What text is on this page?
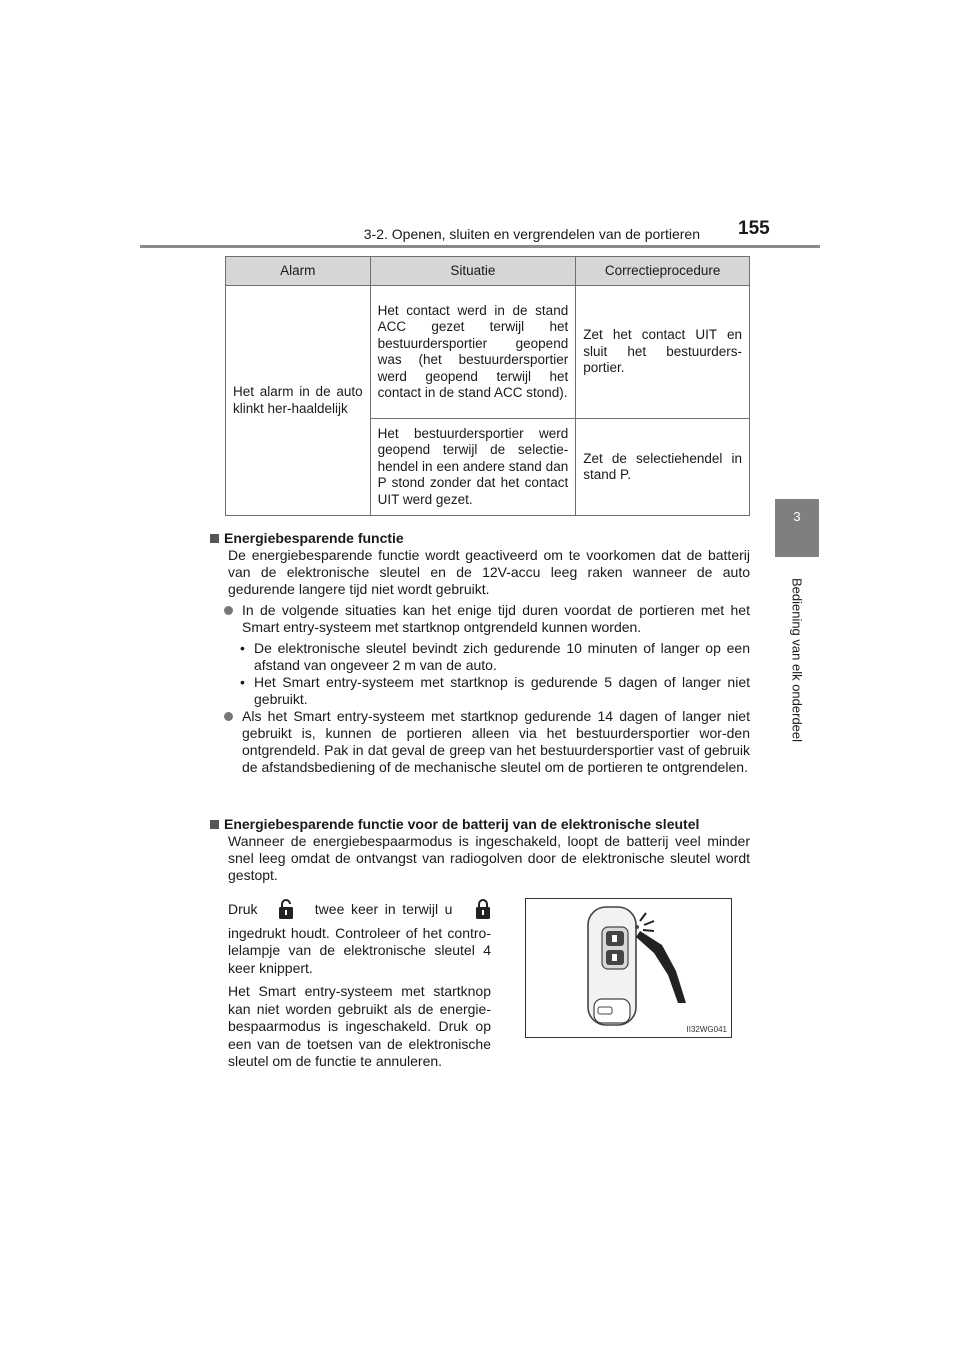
3-2. Openen, sluiten en vergrendelen van de portieren 155
3
Bediening van elk onderdeel
Alarm	Situatie	Correctieprocedure
Het alarm in de auto klinkt her-haaldelijk	Het contact werd in de stand ACC gezet terwijl het bestuurdersportier geopend was (het bestuurdersportier werd geopend terwijl het contact in de stand ACC stond).	Zet het contact UIT en sluit het bestuurders-portier.
	Het bestuurdersportier werd geopend terwijl de selectie-hendel in een andere stand dan P stond zonder dat het contact UIT werd gezet.	Zet de selectiehendel in stand P.
Energiebesparende functie
De energiebesparende functie wordt geactiveerd om te voorkomen dat de batterij van de elektronische sleutel en de 12V-accu leeg raken wanneer de auto gedurende langere tijd niet wordt gebruikt.
In de volgende situaties kan het enige tijd duren voordat de portieren met het Smart entry-systeem met startknop ontgrendeld kunnen worden.
• De elektronische sleutel bevindt zich gedurende 10 minuten of langer op een afstand van ongeveer 2 m van de auto.
• Het Smart entry-systeem met startknop is gedurende 5 dagen of langer niet gebruikt.
Als het Smart entry-systeem met startknop gedurende 14 dagen of langer niet gebruikt is, kunnen de portieren alleen via het bestuurdersportier wor-den ontgrendeld. Pak in dat geval de greep van het bestuurdersportier vast of gebruik de afstandsbediening of de mechanische sleutel om de portieren te ontgrendelen.
Energiebesparende functie voor de batterij van de elektronische sleutel
Wanneer de energiebespaarmodus is ingeschakeld, loopt de batterij veel minder snel leeg omdat de ontvangst van radiogolven door de elektronische sleutel wordt gestopt.
Druk	twee keer in terwijl u  ingedrukt houdt. Controleer of het contro-lelampje van de elektronische sleutel 4 keer knippert.
Het Smart entry-systeem met startknop kan niet worden gebruikt als de energie-bespaarmodus is ingeschakeld. Druk op een van de toetsen van de elektronische sleutel om de functie te annuleren.
II32WG041
